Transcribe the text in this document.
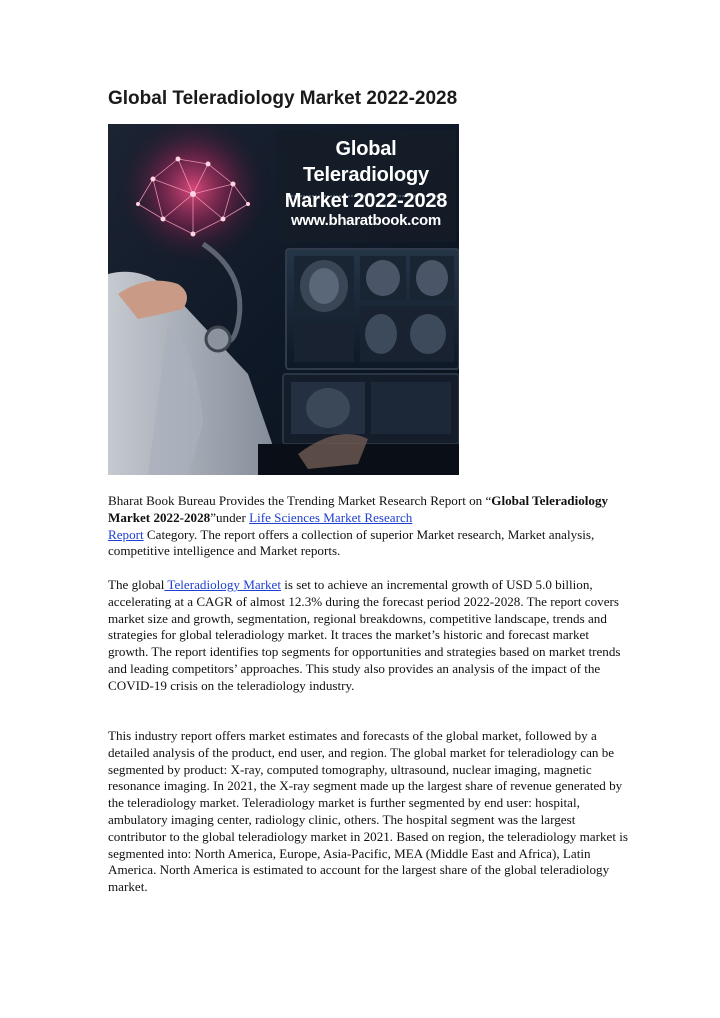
Global Teleradiology Market 2022-2028
Global Teleradiology
Market 2022-2028
www.bharatbook.com

Bharat Book Bureau Provides the Trending Market Research Report on “Global Teleradiology Market 2022-2028”under Life Sciences Market Research
Report Category. The report offers a collection of superior Market research, Market analysis, competitive intelligence and Market reports.

The global Teleradiology Market is set to achieve an incremental growth of USD 5.0 billion, accelerating at a CAGR of almost 12.3% during the forecast period 2022-2028. The report covers market size and growth, segmentation, regional breakdowns, competitive landscape, trends and strategies for global teleradiology market. It traces the market’s historic and forecast market growth. The report identifies top segments for opportunities and strategies based on market trends and leading competitors’ approaches. This study also provides an analysis of the impact of the COVID-19 crisis on the teleradiology industry.

This industry report offers market estimates and forecasts of the global market, followed by a detailed analysis of the product, end user, and region. The global market for teleradiology can be segmented by product: X-ray, computed tomography, ultrasound, nuclear imaging, magnetic resonance imaging. In 2021, the X-ray segment made up the largest share of revenue generated by the teleradiology market. Teleradiology market is further segmented by end user: hospital, ambulatory imaging center, radiology clinic, others. The hospital segment was the largest contributor to the global teleradiology market in 2021. Based on region, the teleradiology market is segmented into: North America, Europe, Asia-Pacific, MEA (Middle East and Africa), Latin America. North America is estimated to account for the largest share of the global teleradiology market.
